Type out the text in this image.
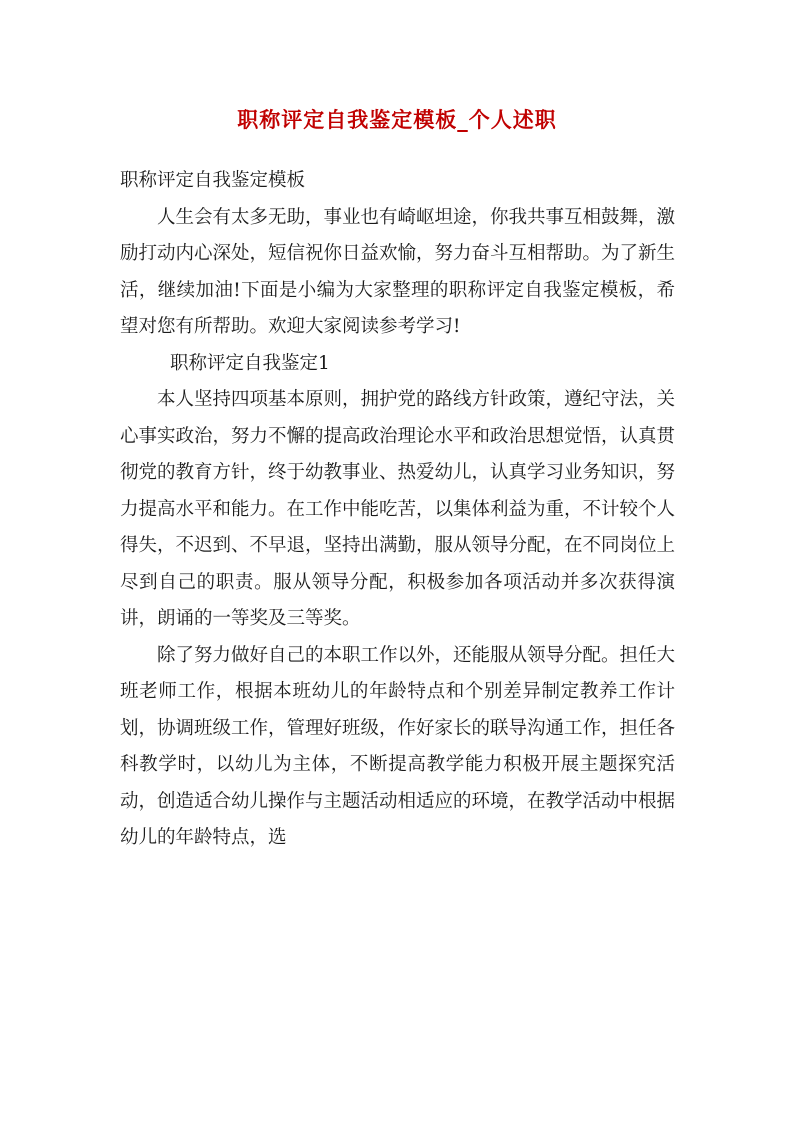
职称评定自我鉴定模板_个人述职

职称评定自我鉴定模板

人生会有太多无助，事业也有崎岖坦途，你我共事互相鼓舞，激励打动内心深处，短信祝你日益欢愉，努力奋斗互相帮助。为了新生活，继续加油!下面是小编为大家整理的职称评定自我鉴定模板，希望对您有所帮助。欢迎大家阅读参考学习!

职称评定自我鉴定1

本人坚持四项基本原则，拥护党的路线方针政策，遵纪守法，关心事实政治，努力不懈的提高政治理论水平和政治思想觉悟，认真贯彻党的教育方针，终于幼教事业、热爱幼儿，认真学习业务知识，努力提高水平和能力。在工作中能吃苦，以集体利益为重，不计较个人得失，不迟到、不早退，坚持出满勤，服从领导分配，在不同岗位上尽到自己的职责。服从领导分配，积极参加各项活动并多次获得演讲，朗诵的一等奖及三等奖。

除了努力做好自己的本职工作以外，还能服从领导分配。担任大班老师工作，根据本班幼儿的年龄特点和个别差异制定教养工作计划，协调班级工作，管理好班级，作好家长的联导沟通工作，担任各科教学时，以幼儿为主体，不断提高教学能力积极开展主题探究活动，创造适合幼儿操作与主题活动相适应的环境，在教学活动中根据幼儿的年龄特点，选
